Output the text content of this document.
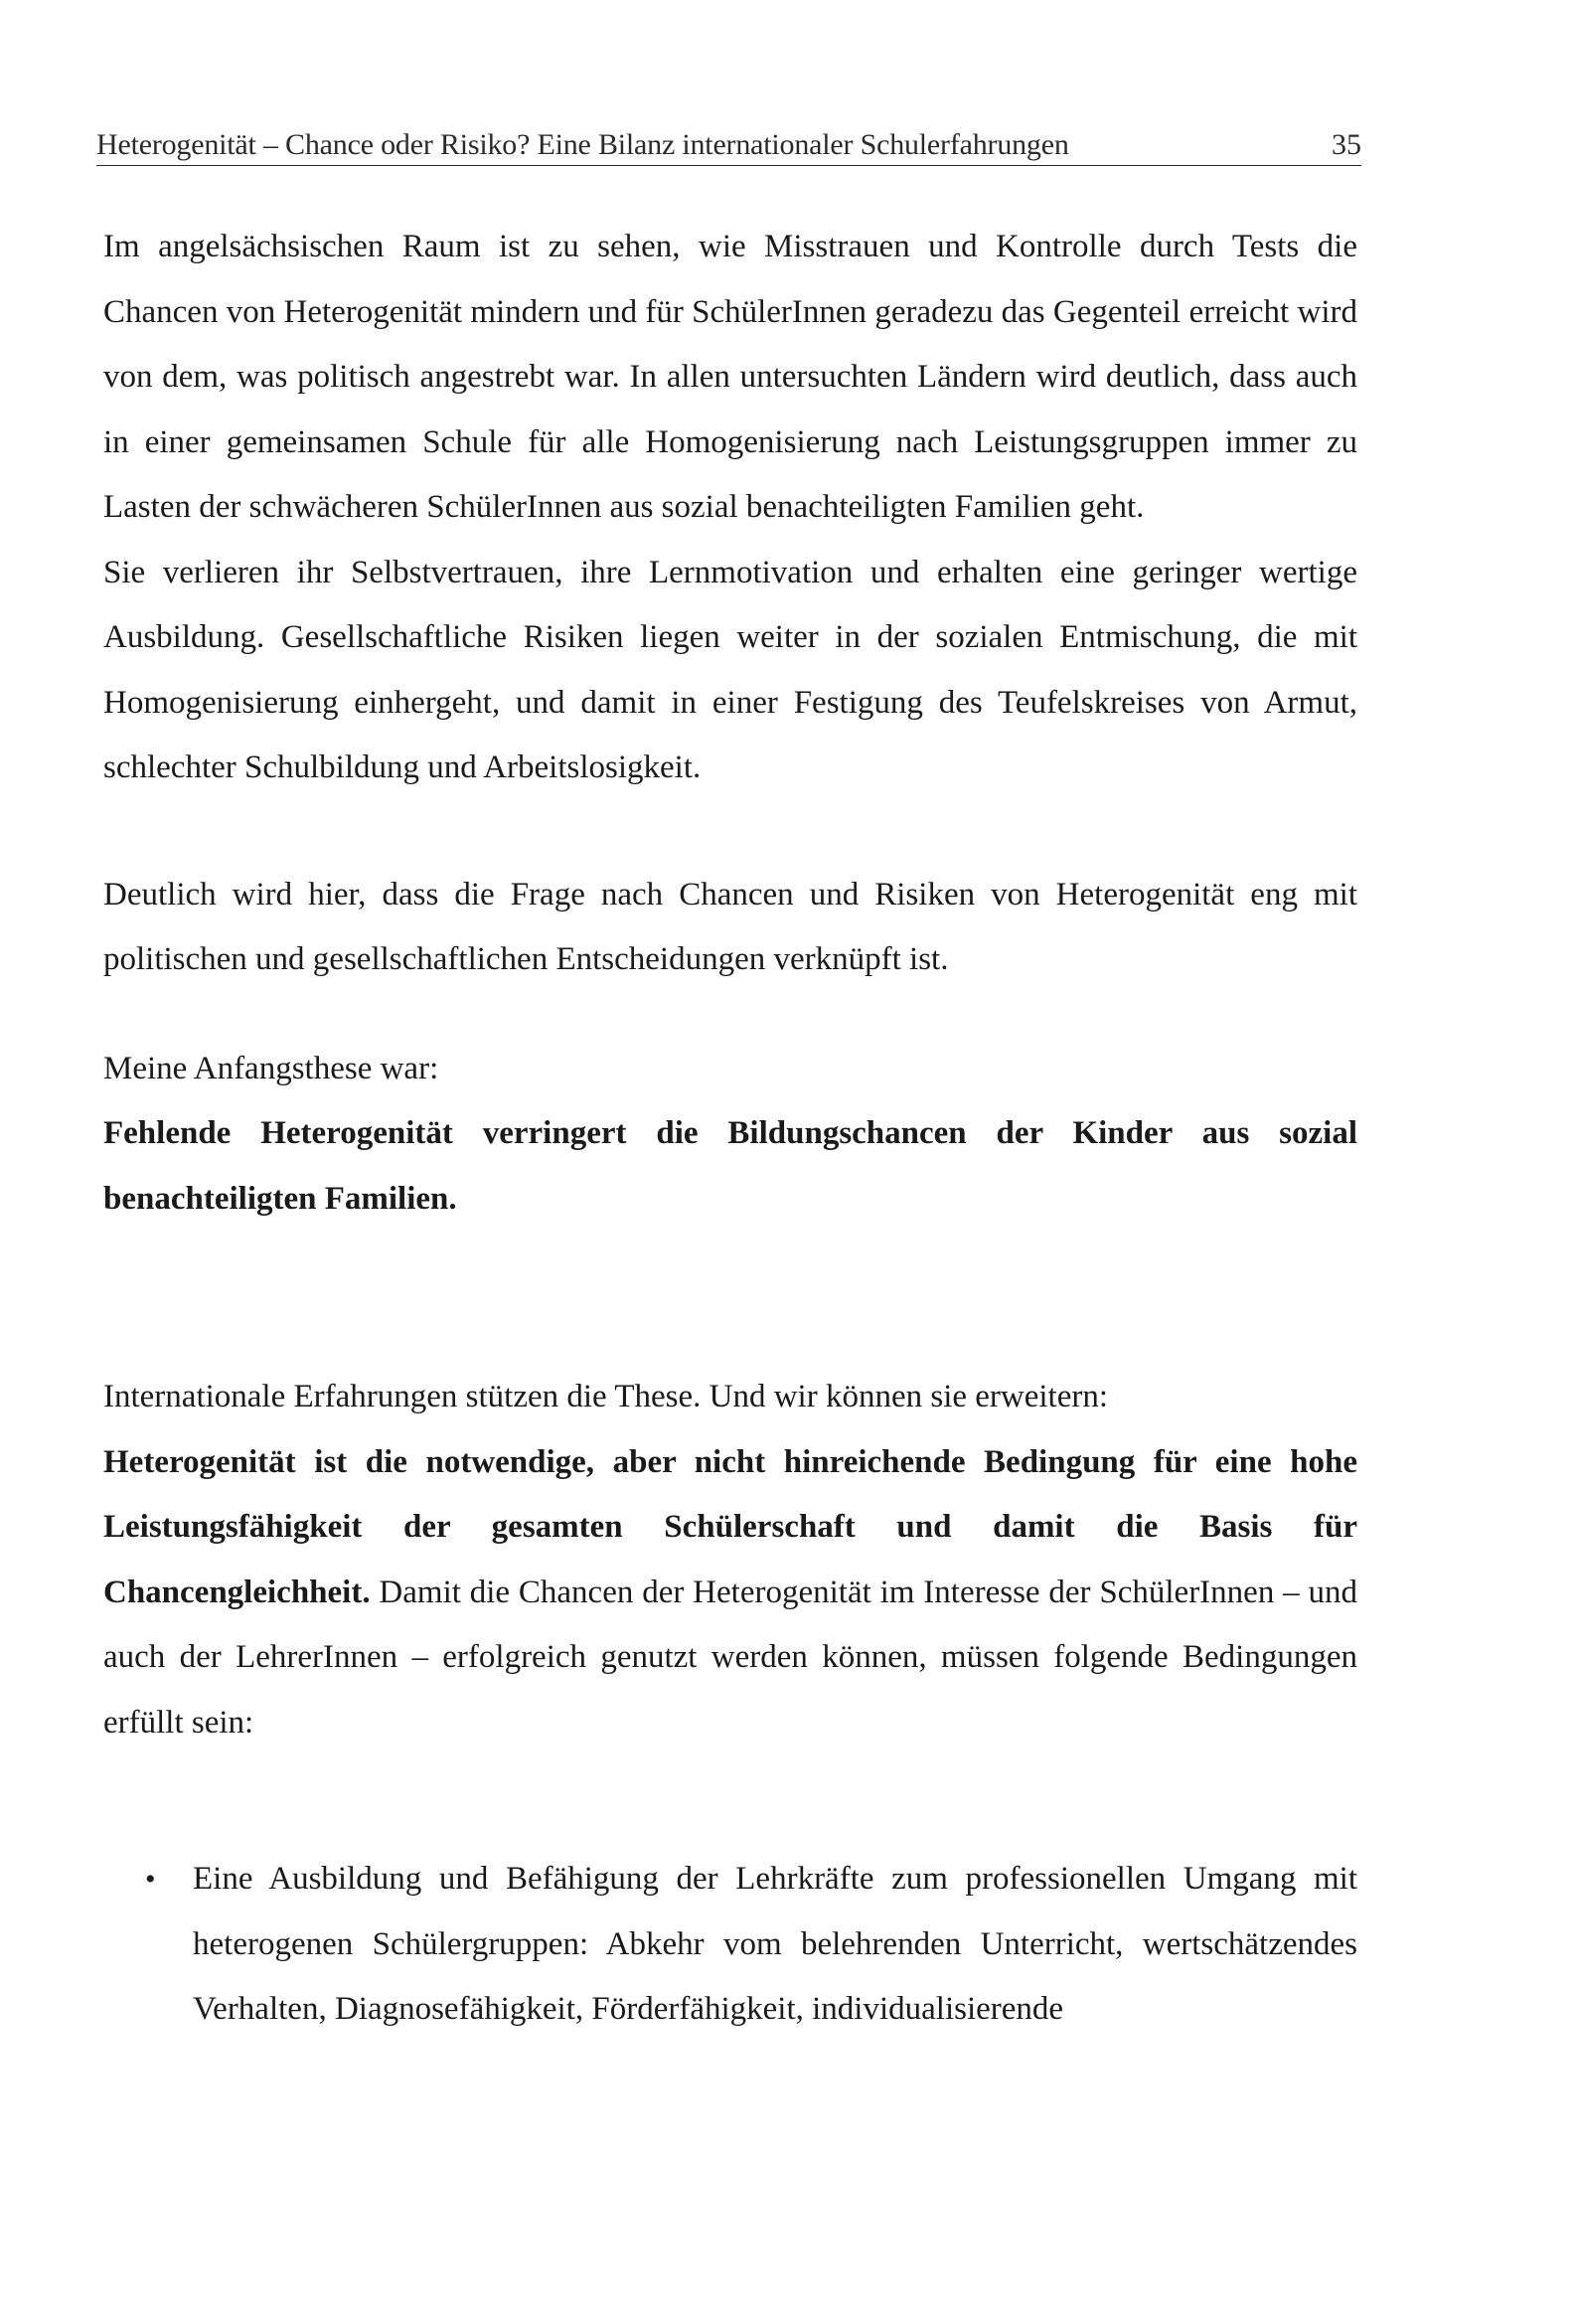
Heterogenität – Chance oder Risiko? Eine Bilanz internationaler Schulerfahrungen	35

Im angelsächsischen Raum ist zu sehen, wie Misstrauen und Kontrolle durch Tests die Chancen von Heterogenität mindern und für SchülerInnen geradezu das Gegenteil erreicht wird von dem, was politisch angestrebt war. In allen untersuchten Ländern wird deutlich, dass auch in einer gemeinsamen Schule für alle Homogenisierung nach Leistungsgruppen immer zu Lasten der schwächeren SchülerInnen aus sozial benachteiligten Familien geht.

Sie verlieren ihr Selbstvertrauen, ihre Lernmotivation und erhalten eine geringer wertige Ausbildung. Gesellschaftliche Risiken liegen weiter in der sozialen Entmischung, die mit Homogenisierung einhergeht, und damit in einer Festigung des Teufelskreises von Armut, schlechter Schulbildung und Arbeitslosigkeit.

Deutlich wird hier, dass die Frage nach Chancen und Risiken von Heterogenität eng mit politischen und gesellschaftlichen Entscheidungen verknüpft ist.

Meine Anfangsthese war:

Fehlende Heterogenität verringert die Bildungschancen der Kinder aus sozial benachteiligten Familien.

Internationale Erfahrungen stützen die These. Und wir können sie erweitern:

Heterogenität ist die notwendige, aber nicht hinreichende Bedingung für eine hohe Leistungsfähigkeit der gesamten Schülerschaft und damit die Basis für Chancengleichheit. Damit die Chancen der Heterogenität im Interesse der SchülerInnen – und auch der LehrerInnen – erfolgreich genutzt werden können, müssen folgende Bedingungen erfüllt sein:

• Eine Ausbildung und Befähigung der Lehrkräfte zum professionellen Umgang mit heterogenen Schülergruppen: Abkehr vom belehrenden Unterricht, wertschätzendes Verhalten, Diagnosefähigkeit, Förderfähigkeit, individualisierende
